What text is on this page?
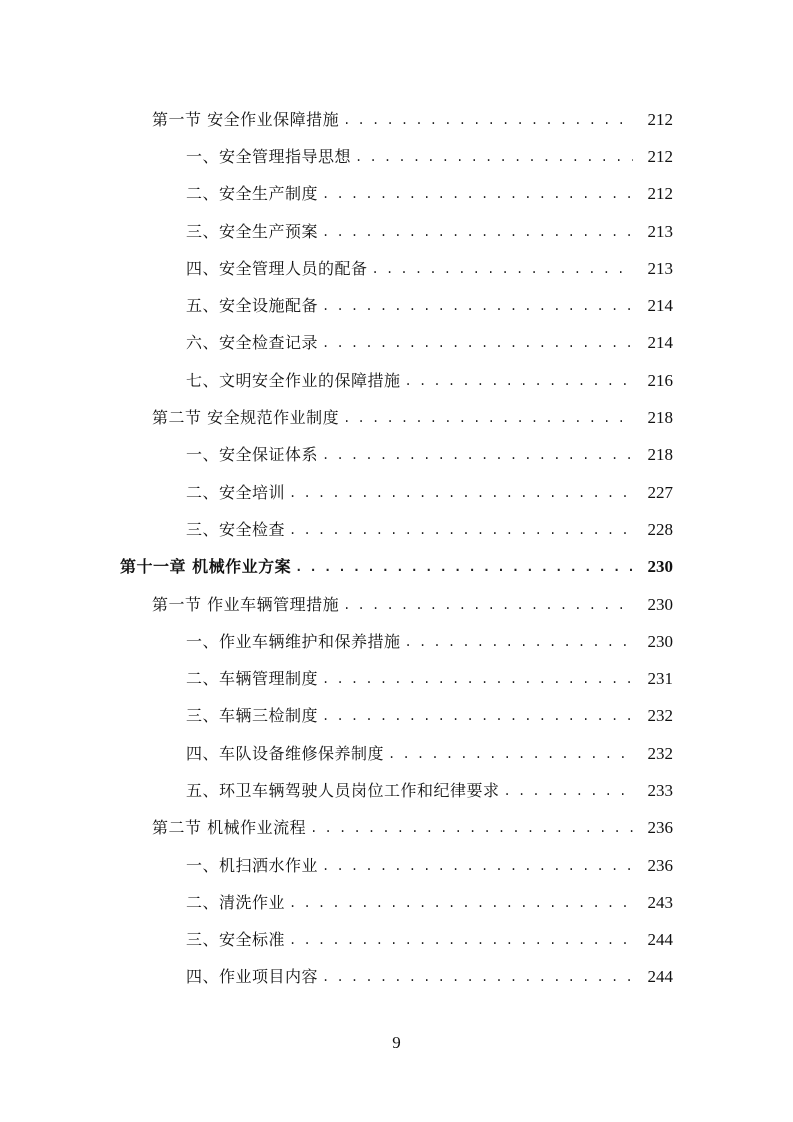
第一节 安全作业保障措施 . . .	212
一、安全管理指导思想 . . .	212
二、安全生产制度 . . .	212
三、安全生产预案 . . .	213
四、安全管理人员的配备 . . .	213
五、安全设施配备 . . .	214
六、安全检查记录 . . .	214
七、文明安全作业的保障措施 . . .	216
第二节 安全规范作业制度 . . .	218
一、安全保证体系 . . .	218
二、安全培训 . . .	227
三、安全检查 . . .	228
第十一章 机械作业方案 . . .	230
第一节 作业车辆管理措施 . . .	230
一、作业车辆维护和保养措施 . . .	230
二、车辆管理制度 . . .	231
三、车辆三检制度 . . .	232
四、车队设备维修保养制度 . . .	232
五、环卫车辆驾驶人员岗位工作和纪律要求 . . .	233
第二节 机械作业流程 . . .	236
一、机扫洒水作业 . . .	236
二、清洗作业 . . .	243
三、安全标准 . . .	244
四、作业项目内容 . . .	244
9
